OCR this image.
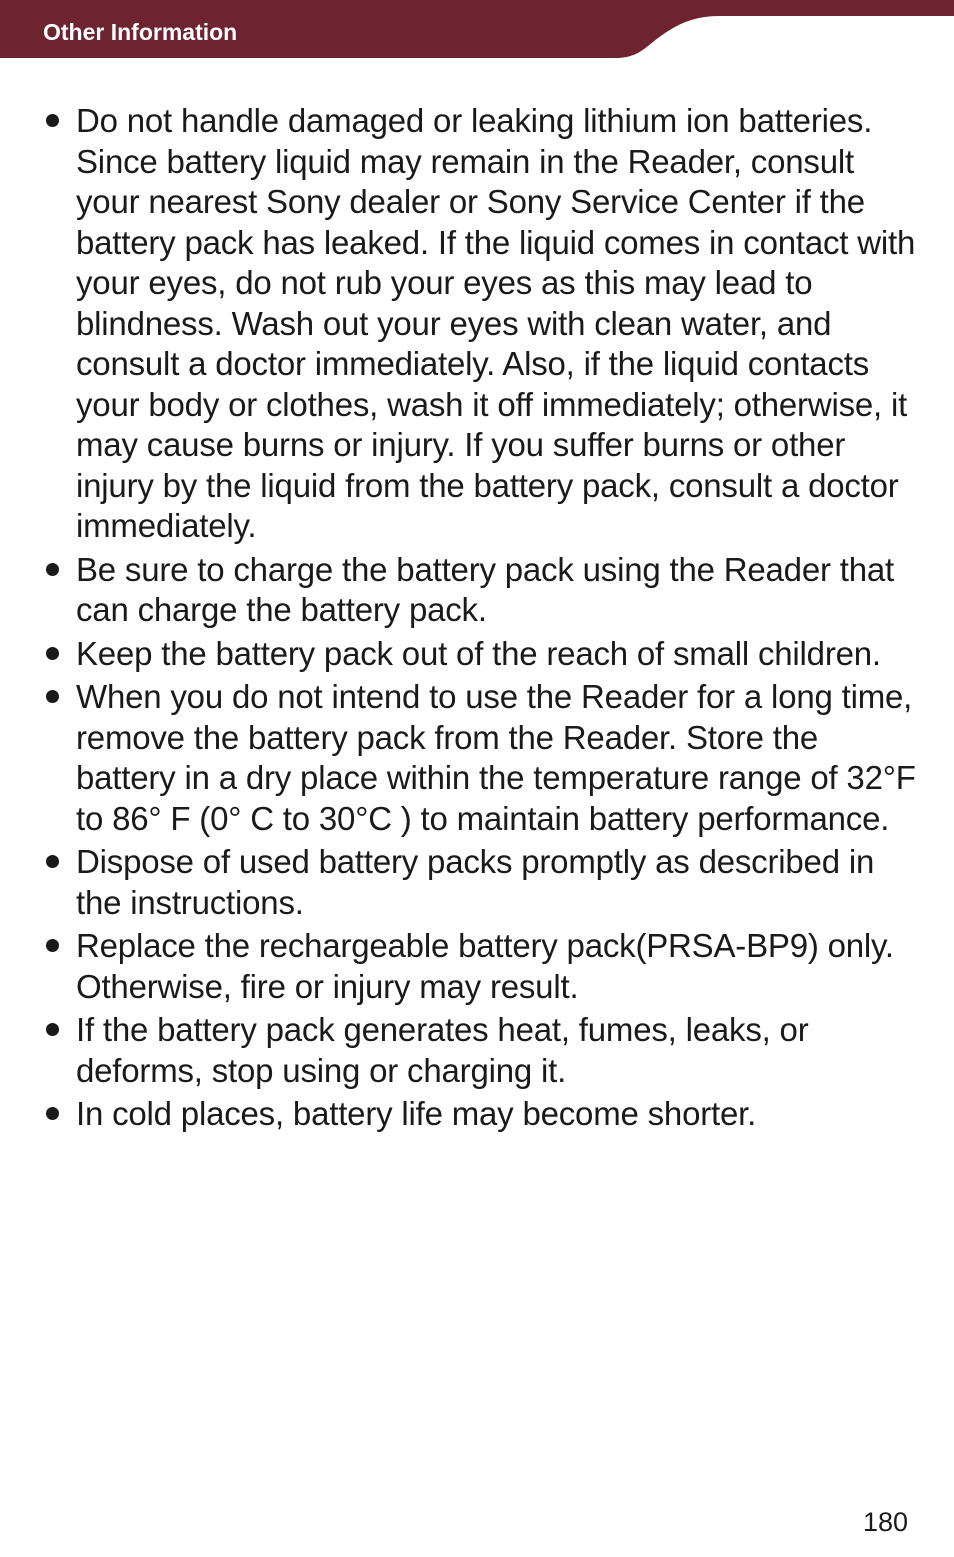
Other Information
Do not handle damaged or leaking lithium ion batteries. Since battery liquid may remain in the Reader, consult your nearest Sony dealer or Sony Service Center if the battery pack has leaked. If the liquid comes in contact with your eyes, do not rub your eyes as this may lead to blindness. Wash out your eyes with clean water, and consult a doctor immediately. Also, if the liquid contacts your body or clothes, wash it off immediately; otherwise, it may cause burns or injury. If you suffer burns or other injury by the liquid from the battery pack, consult a doctor immediately.
Be sure to charge the battery pack using the Reader that can charge the battery pack.
Keep the battery pack out of the reach of small children.
When you do not intend to use the Reader for a long time, remove the battery pack from the Reader. Store the battery in a dry place within the temperature range of 32°F to 86° F (0° C to 30°C ) to maintain battery performance.
Dispose of used battery packs promptly as described in the instructions.
Replace the rechargeable battery pack(PRSA-BP9) only. Otherwise, fire or injury may result.
If the battery pack generates heat, fumes, leaks, or deforms, stop using or charging it.
In cold places, battery life may become shorter.
180
